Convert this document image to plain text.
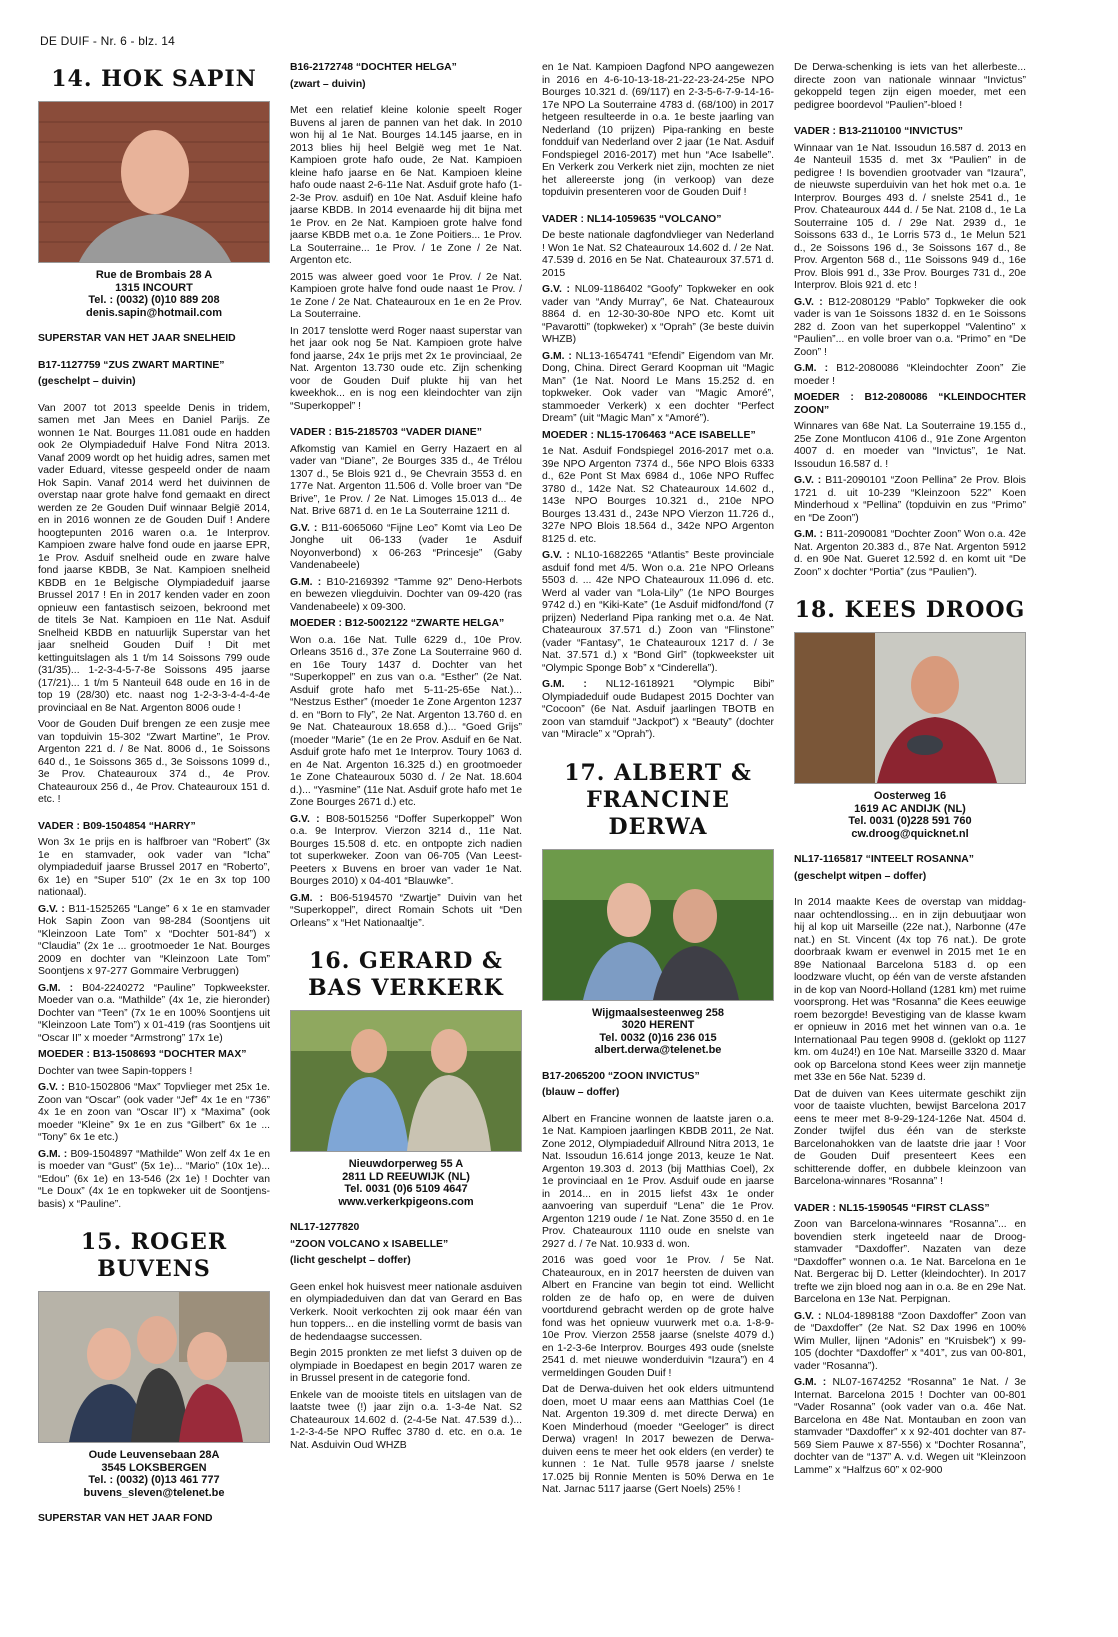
DE DUIF - Nr. 6 - blz. 14
14. HOK SAPIN
Rue de Brombais 28 A
1315 INCOURT
Tel. : (0032) (0)10 889 208
denis.sapin@hotmail.com

SUPERSTAR VAN HET JAAR SNELHEID

B17-1127759 “ZUS ZWART MARTINE”

(geschelpt – duivin)

Van 2007 tot 2013 speelde Denis in tridem, samen met Jan Mees en Daniel Parijs. Ze wonnen 1e Nat. Bourges 11.081 oude en hadden ook 2e Olympiadeduif Halve Fond Nitra 2013. Vanaf 2009 wordt op het huidig adres, samen met vader Eduard, vitesse gespeeld onder de naam Hok Sapin. Vanaf 2014 werd het duivinnen de overstap naar grote halve fond gemaakt en direct werden ze 2e Gouden Duif winnaar België 2014, en in 2016 wonnen ze de Gouden Duif ! Andere hoogtepunten 2016 waren o.a. 1e Interprov. Kampioen zware halve fond oude en jaarse EPR, 1e Prov. Asduif snelheid oude en zware halve fond jaarse KBDB, 3e Nat. Kampioen snelheid KBDB en 1e Belgische Olympiadeduif jaarse Brussel 2017 ! En in 2017 kenden vader en zoon opnieuw een fantastisch seizoen, bekroond met de titels 3e Nat. Kampioen en 11e Nat. Asduif Snelheid KBDB en natuurlijk Superstar van het jaar snelheid Gouden Duif ! Dit met kettinguitslagen als 1 t/m 14 Soissons 799 oude (31/35)... 1-2-3-4-5-7-8e Soissons 495 jaarse (17/21)... 1 t/m 5 Nanteuil 648 oude en 16 in de top 19 (28/30) etc. naast nog 1-2-3-3-4-4-4-4e provinciaal en 8e Nat. Argenton 8006 oude !

Voor de Gouden Duif brengen ze een zusje mee van topduivin 15-302 “Zwart Martine”, 1e Prov. Argenton 221 d. / 8e Nat. 8006 d., 1e Soissons 640 d., 1e Soissons 365 d., 3e Soissons 1099 d., 3e Prov. Chateauroux 374 d., 4e Prov. Chateauroux 256 d., 4e Prov. Chateauroux 151 d. etc. !

VADER : B09-1504854 “HARRY”

Won 3x 1e prijs en is halfbroer van “Robert” (3x 1e en stamvader, ook vader van “Icha” olympiadeduif jaarse Brussel 2017 en “Roberto”, 6x 1e) en “Super 510” (2x 1e en 3x top 100 nationaal).

G.V. : B11-1525265 “Lange” 6 x 1e en stamvader Hok Sapin Zoon van 98-284 (Soontjens uit “Kleinzoon Late Tom” x “Dochter 501-84”) x “Claudia” (2x 1e ... grootmoeder 1e Nat. Bourges 2009 en dochter van “Kleinzoon Late Tom” Soontjens x 97-277 Gommaire Verbruggen)

G.M. : B04-2240272 “Pauline” Topkweekster. Moeder van o.a. “Mathilde” (4x 1e, zie hieronder) Dochter van “Teen” (7x 1e en 100% Soontjens uit “Kleinzoon Late Tom”) x 01-419 (ras Soontjens uit “Oscar II” x moeder “Armstrong” 17x 1e)

MOEDER : B13-1508693 “DOCHTER MAX”

Dochter van twee Sapin-toppers !

G.V. : B10-1502806 “Max” Topvlieger met 25x 1e. Zoon van “Oscar” (ook vader “Jef” 4x 1e en “736” 4x 1e en zoon van “Oscar II”) x “Maxima” (ook moeder “Kleine” 9x 1e en zus “Gilbert” 6x 1e ... “Tony” 6x 1e etc.)

G.M. : B09-1504897 “Mathilde” Won zelf 4x 1e en is moeder van “Gust” (5x 1e)... “Mario” (10x 1e)... “Edou” (6x 1e) en 13-546 (2x 1e) ! Dochter van “Le Doux” (4x 1e en topkweker uit de Soontjens-basis) x “Pauline”.

15. ROGER BUVENS
Oude Leuvensebaan 28A
3545 LOKSBERGEN
Tel. : (0032) (0)13 461 777
buvens_sleven@telenet.be

SUPERSTAR VAN HET JAAR FOND

B16-2172748 “DOCHTER HELGA”

(zwart – duivin)

Met een relatief kleine kolonie speelt Roger Buvens al jaren de pannen van het dak. In 2010 won hij al 1e Nat. Bourges 14.145 jaarse, en in 2013 blies hij heel België weg met 1e Nat. Kampioen grote hafo oude, 2e Nat. Kampioen kleine hafo jaarse en 6e Nat. Kampioen kleine hafo oude naast 2-6-11e Nat. Asduif grote hafo (1-2-3e Prov. asduif) en 10e Nat. Asduif kleine hafo jaarse KBDB. In 2014 evenaarde hij dit bijna met 1e Prov. en 2e Nat. Kampioen grote halve fond jaarse KBDB met o.a. 1e Zone Poitiers... 1e Prov. La Souterraine... 1e Prov. / 1e Zone / 2e Nat. Argenton etc.

2015 was alweer goed voor 1e Prov. / 2e Nat. Kampioen grote halve fond oude naast 1e Prov. / 1e Zone / 2e Nat. Chateauroux en 1e en 2e Prov. La Souterraine.

In 2017 tenslotte werd Roger naast superstar van het jaar ook nog 5e Nat. Kampioen grote halve fond jaarse, 24x 1e prijs met 2x 1e provinciaal, 2e Nat. Argenton 13.730 oude etc. Zijn schenking voor de Gouden Duif plukte hij van het kweekhok... en is nog een kleindochter van zijn “Superkoppel” !

VADER : B15-2185703 “VADER DIANE”

Afkomstig van Kamiel en Gerry Hazaert en al vader van “Diane”, 2e Bourges 335 d., 4e Trélou 1307 d., 5e Blois 921 d., 9e Chevrain 3553 d. en 177e Nat. Argenton 11.506 d. Volle broer van “De Brive”, 1e Prov. / 2e Nat. Limoges 15.013 d... 4e Nat. Brive 6871 d. en 1e La Souterraine 1211 d.

G.V. : B11-6065060 “Fijne Leo” Komt via Leo De Jonghe uit 06-133 (vader 1e Asduif Noyonverbond) x 06-263 “Princesje” (Gaby Vandenabeele)

G.M. : B10-2169392 “Tamme 92” Deno-Herbots en bewezen vliegduivin. Dochter van 09-420 (ras Vandenabeele) x 09-300.

MOEDER : B12-5002122 “ZWARTE HELGA”

Won o.a. 16e Nat. Tulle 6229 d., 10e Prov. Orleans 3516 d., 37e Zone La Souterraine 960 d. en 16e Toury 1437 d. Dochter van het “Superkoppel” en zus van o.a. “Esther” (2e Nat. Asduif grote hafo met 5-11-25-65e Nat.)... “Nestzus Esther” (moeder 1e Zone Argenton 1237 d. en “Born to Fly”, 2e Nat. Argenton 13.760 d. en 9e Nat. Chateauroux 18.658 d.)... “Goed Grijs” (moeder “Marie” (1e en 2e Prov. Asduif en 6e Nat. Asduif grote hafo met 1e Interprov. Toury 1063 d. en 4e Nat. Argenton 16.325 d.) en grootmoeder 1e Zone Chateauroux 5030 d. / 2e Nat. 18.604 d.)... “Yasmine” (11e Nat. Asduif grote hafo met 1e Zone Bourges 2671 d.) etc.

G.V. : B08-5015256 “Doffer Superkoppel” Won o.a. 9e Interprov. Vierzon 3214 d., 11e Nat. Bourges 15.508 d. etc. en ontpopte zich nadien tot superkweker. Zoon van 06-705 (Van Leest-Peeters x Buvens en broer van vader 1e Nat. Bourges 2010) x 04-401 “Blauwke”.

G.M. : B06-5194570 “Zwartje” Duivin van het “Superkoppel”, direct Romain Schots uit “Den Orleans” x “Het Nationaaltje”.

16. GERARD & BAS VERKERK
Nieuwdorperweg 55 A
2811 LD REEUWIJK (NL)
Tel. 0031 (0)6 5109 4647
www.verkerkpigeons.com

NL17-1277820

“ZOON VOLCANO x ISABELLE”

(licht geschelpt – doffer)

Geen enkel hok huisvest meer nationale asduiven en olympiadeduiven dan dat van Gerard en Bas Verkerk. Nooit verkochten zij ook maar één van hun toppers... en die instelling vormt de basis van de hedendaagse successen.

Begin 2015 pronkten ze met liefst 3 duiven op de olympiade in Boedapest en begin 2017 waren ze in Brussel present in de categorie fond.

Enkele van de mooiste titels en uitslagen van de laatste twee (!) jaar zijn o.a. 1-3-4e Nat. S2 Chateauroux 14.602 d. (2-4-5e Nat. 47.539 d.)... 1-2-3-4-5e NPO Ruffec 3780 d. etc. en o.a. 1e Nat. Asduivin Oud WHZB

en 1e Nat. Kampioen Dagfond NPO aangewezen in 2016 en 4-6-10-13-18-21-22-23-24-25e NPO Bourges 10.321 d. (69/117) en 2-3-5-6-7-9-14-16-17e NPO La Souterraine 4783 d. (68/100) in 2017 hetgeen resulteerde in o.a. 1e beste jaarling van Nederland (10 prijzen) Pipa-ranking en beste fondduif van Nederland over 2 jaar (1e Nat. Asduif Fondspiegel 2016-2017) met hun “Ace Isabelle”. En Verkerk zou Verkerk niet zijn, mochten ze niet het allereerste jong (in verkoop) van deze topduivin presenteren voor de Gouden Duif !

VADER : NL14-1059635 “VOLCANO”

De beste nationale dagfondvlieger van Nederland ! Won 1e Nat. S2 Chateauroux 14.602 d. / 2e Nat. 47.539 d. 2016 en 5e Nat. Chateauroux 37.571 d. 2015

G.V. : NL09-1186402 “Goofy” Topkweker en ook vader van “Andy Murray”, 6e Nat. Chateauroux 8864 d. en 12-30-30-80e NPO etc. Komt uit “Pavarotti” (topkweker) x “Oprah” (3e beste duivin WHZB)

G.M. : NL13-1654741 “Efendi” Eigendom van Mr. Dong, China. Direct Gerard Koopman uit “Magic Man” (1e Nat. Noord Le Mans 15.252 d. en topkweker. Ook vader van “Magic Amoré”, stammoeder Verkerk) x een dochter “Perfect Dream” (uit “Magic Man” x “Amoré”).

MOEDER : NL15-1706463 “ACE ISABELLE”

1e Nat. Asduif Fondspiegel 2016-2017 met o.a. 39e NPO Argenton 7374 d., 56e NPO Blois 6333 d., 62e Pont St Max 6984 d., 106e NPO Ruffec 3780 d., 142e Nat. S2 Chateauroux 14.602 d., 143e NPO Bourges 10.321 d., 210e NPO Bourges 13.431 d., 243e NPO Vierzon 11.726 d., 327e NPO Blois 18.564 d., 342e NPO Argenton 8125 d. etc.

G.V. : NL10-1682265 “Atlantis” Beste provinciale asduif fond met 4/5. Won o.a. 21e NPO Orleans 5503 d. ... 42e NPO Chateauroux 11.096 d. etc. Werd al vader van “Lola-Lily” (1e NPO Bourges 9742 d.) en “Kiki-Kate” (1e Asduif midfond/fond (7 prijzen) Nederland Pipa ranking met o.a. 4e Nat. Chateauroux 37.571 d.) Zoon van “Flinstone” (vader “Fantasy”, 1e Chateauroux 1217 d. / 3e Nat. 37.571 d.) x “Bond Girl” (topkweekster uit “Olympic Sponge Bob” x “Cinderella”).

G.M. : NL12-1618921 “Olympic Bibi” Olympiadeduif oude Budapest 2015 Dochter van “Cocoon” (6e Nat. Asduif jaarlingen TBOTB en zoon van stamduif “Jackpot”) x “Beauty” (dochter van “Miracle” x “Oprah”).

17. ALBERT & FRANCINE DERWA
Wijgmaalsesteenweg 258
3020 HERENT
Tel. 0032 (0)16 236 015
albert.derwa@telenet.be

B17-2065200 “ZOON INVICTUS”

(blauw – doffer)

Albert en Francine wonnen de laatste jaren o.a. 1e Nat. Kampioen jaarlingen KBDB 2011, 2e Nat. Zone 2012, Olympiadeduif Allround Nitra 2013, 1e Nat. Issoudun 16.614 jonge 2013, keuze 1e Nat. Argenton 19.303 d. 2013 (bij Matthias Coel), 2x 1e provinciaal en 1e Prov. Asduif oude en jaarse in 2014... en in 2015 liefst 43x 1e onder aanvoering van superduif “Lena” die 1e Prov. Argenton 1219 oude / 1e Nat. Zone 3550 d. en 1e Prov. Chateauroux 1110 oude en snelste van 2927 d. / 7e Nat. 10.933 d. won.

2016 was goed voor 1e Prov. / 5e Nat. Chateauroux, en in 2017 heersten de duiven van Albert en Francine van begin tot eind. Wellicht rolden ze de hafo op, en were de duiven voortdurend gebracht werden op de grote halve fond was het opnieuw vuurwerk met o.a. 1-8-9-10e Prov. Vierzon 2558 jaarse (snelste 4079 d.) en 1-2-3-6e Interprov. Bourges 493 oude (snelste 2541 d. met nieuwe wonderduivin “Izaura”) en 4 vermeldingen Gouden Duif !

Dat de Derwa-duiven het ook elders uitmuntend doen, moet U maar eens aan Matthias Coel (1e Nat. Argenton 19.309 d. met directe Derwa) en Koen Minderhoud (moeder “Geeloger” is direct Derwa) vragen! In 2017 bewezen de Derwa-duiven eens te meer het ook elders (en verder) te kunnen : 1e Nat. Tulle 9578 jaarse / snelste 17.025 bij Ronnie Menten is 50% Derwa en 1e Nat. Jarnac 5117 jaarse (Gert Noels) 25% !

De Derwa-schenking is iets van het allerbeste... directe zoon van nationale winnaar “Invictus” gekoppeld tegen zijn eigen moeder, met een pedigree boordevol “Paulien”-bloed !

VADER : B13-2110100 “INVICTUS”

Winnaar van 1e Nat. Issoudun 16.587 d. 2013 en 4e Nanteuil 1535 d. met 3x “Paulien” in de pedigree ! Is bovendien grootvader van “Izaura”, de nieuwste superduivin van het hok met o.a. 1e Interprov. Bourges 493 d. / snelste 2541 d., 1e Prov. Chateauroux 444 d. / 5e Nat. 2108 d., 1e La Souterraine 105 d. / 29e Nat. 2939 d., 1e Soissons 633 d., 1e Lorris 573 d., 1e Melun 521 d., 2e Soissons 196 d., 3e Soissons 167 d., 8e Prov. Argenton 568 d., 11e Soissons 949 d., 16e Prov. Blois 991 d., 33e Prov. Bourges 731 d., 20e Interprov. Blois 921 d. etc !

G.V. : B12-2080129 “Pablo” Topkweker die ook vader is van 1e Soissons 1832 d. en 1e Soissons 282 d. Zoon van het superkoppel “Valentino” x “Paulien”... en volle broer van o.a. “Primo” en “De Zoon” !

G.M. : B12-2080086 “Kleindochter Zoon” Zie moeder !

MOEDER : B12-2080086 “KLEINDOCHTER ZOON”

Winnares van 68e Nat. La Souterraine 19.155 d., 25e Zone Montlucon 4106 d., 91e Zone Argenton 4007 d. en moeder van “Invictus”, 1e Nat. Issoudun 16.587 d. !

G.V. : B11-2090101 “Zoon Pellina” 2e Prov. Blois 1721 d. uit 10-239 “Kleinzoon 522” Koen Minderhoud x “Pellina” (topduivin en zus “Primo” en “De Zoon”)

G.M. : B11-2090081 “Dochter Zoon” Won o.a. 42e Nat. Argenton 20.383 d., 87e Nat. Argenton 5912 d. en 90e Nat. Gueret 12.592 d. en komt uit “De Zoon” x dochter “Portia” (zus “Paulien”).

18. KEES DROOG
Oosterweg 16
1619 AC ANDIJK (NL)
Tel. 0031 (0)228 591 760
cw.droog@quicknet.nl

NL17-1165817 “INTEELT ROSANNA”

(geschelpt witpen – doffer)

In 2014 maakte Kees de overstap van middag- naar ochtendlossing... en in zijn debuutjaar won hij al kop uit Marseille (22e nat.), Narbonne (47e nat.) en St. Vincent (4x top 76 nat.). De grote doorbraak kwam er evenwel in 2015 met 1e en 89e Nationaal Barcelona 5183 d. op een loodzware vlucht, op één van de verste afstanden in de kop van Noord-Holland (1281 km) met ruime voorsprong. Het was “Rosanna” die Kees eeuwige roem bezorgde! Bevestiging van de klasse kwam er opnieuw in 2016 met het winnen van o.a. 1e Internationaal Pau tegen 9908 d. (geklokt op 1127 km. om 4u24!) en 10e Nat. Marseille 3320 d. Maar ook op Barcelona stond Kees weer zijn mannetje met 33e en 56e Nat. 5239 d.

Dat de duiven van Kees uitermate geschikt zijn voor de taaiste vluchten, bewijst Barcelona 2017 eens te meer met 8-9-29-124-126e Nat. 4504 d. Zonder twijfel dus één van de sterkste Barcelonahokken van de laatste drie jaar ! Voor de Gouden Duif presenteert Kees een schitterende doffer, en dubbele kleinzoon van Barcelona-winnares “Rosanna” !

VADER : NL15-1590545 “FIRST CLASS”

Zoon van Barcelona-winnares “Rosanna”... en bovendien sterk ingeteeld naar de Droog-stamvader “Daxdoffer”. Nazaten van deze “Daxdoffer” wonnen o.a. 1e Nat. Barcelona en 1e Nat. Bergerac bij D. Letter (kleindochter). In 2017 trefte we zijn bloed nog aan in o.a. 8e en 29e Nat. Barcelona en 13e Nat. Perpignan.

G.V. : NL04-1898188 “Zoon Daxdoffer” Zoon van de “Daxdoffer” (2e Nat. S2 Dax 1996 en 100% Wim Muller, lijnen “Adonis” en “Kruisbek”) x 99-105 (dochter “Daxdoffer” x “401”, zus van 00-801, vader “Rosanna”).

G.M. : NL07-1674252 “Rosanna” 1e Nat. / 3e Internat. Barcelona 2015 ! Dochter van 00-801 “Vader Rosanna” (ook vader van o.a. 46e Nat. Barcelona en 48e Nat. Montauban en zoon van stamvader “Daxdoffer” x x 92-401 dochter van 87-569 Siem Pauwe x 87-556) x “Dochter Rosanna”, dochter van de “137” A. v.d. Wegen uit “Kleinzoon Lamme” x “Halfzus 60” x 02-900
